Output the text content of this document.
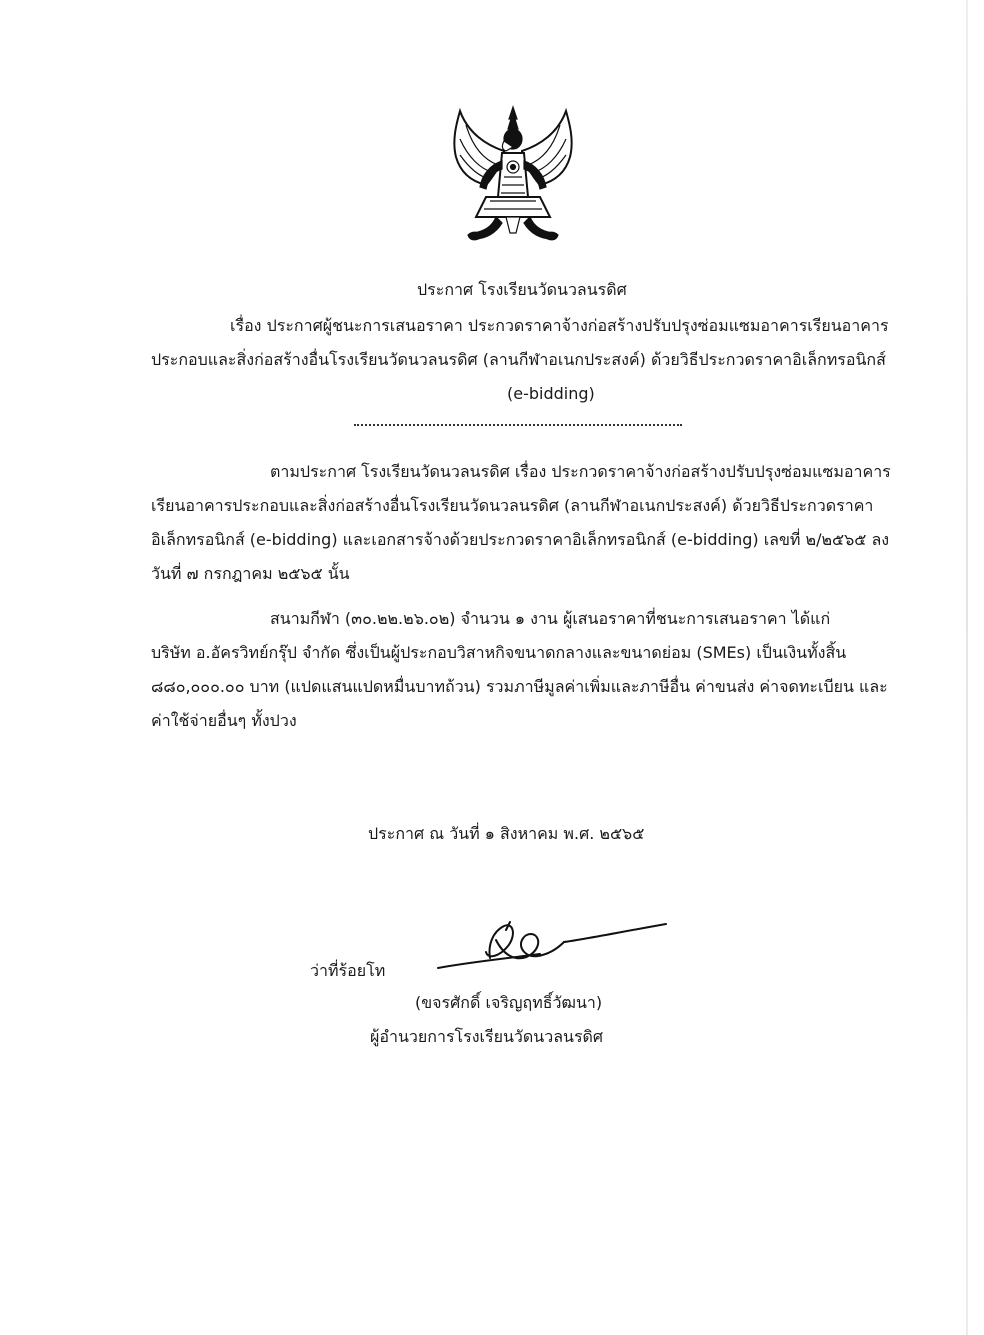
ประกาศ โรงเรียนวัดนวลนรดิศ
เรื่อง ประกาศผู้ชนะการเสนอราคา ประกวดราคาจ้างก่อสร้างปรับปรุงซ่อมแซมอาคารเรียนอาคาร
ประกอบและสิ่งก่อสร้างอื่นโรงเรียนวัดนวลนรดิศ (ลานกีฬาอเนกประสงค์) ด้วยวิธีประกวดราคาอิเล็กทรอนิกส์
(e-bidding)
ตามประกาศ โรงเรียนวัดนวลนรดิศ เรื่อง ประกวดราคาจ้างก่อสร้างปรับปรุงซ่อมแซมอาคาร
เรียนอาคารประกอบและสิ่งก่อสร้างอื่นโรงเรียนวัดนวลนรดิศ (ลานกีฬาอเนกประสงค์) ด้วยวิธีประกวดราคา
อิเล็กทรอนิกส์ (e-bidding) และเอกสารจ้างด้วยประกวดราคาอิเล็กทรอนิกส์ (e-bidding) เลขที่ ๒/๒๕๖๕ ลง
วันที่ ๗ กรกฎาคม ๒๕๖๕ นั้น
สนามกีฬา (๓๐.๒๒.๒๖.๐๒) จำนวน ๑ งาน ผู้เสนอราคาที่ชนะการเสนอราคา ได้แก่
บริษัท อ.อัครวิทย์กรุ๊ป จำกัด ซึ่งเป็นผู้ประกอบวิสาหกิจขนาดกลางและขนาดย่อม (SMEs) เป็นเงินทั้งสิ้น
๘๘๐,๐๐๐.๐๐ บาท (แปดแสนแปดหมื่นบาทถ้วน) รวมภาษีมูลค่าเพิ่มและภาษีอื่น ค่าขนส่ง ค่าจดทะเบียน และ
ค่าใช้จ่ายอื่นๆ ทั้งปวง
ประกาศ ณ วันที่ ๑ สิงหาคม พ.ศ. ๒๕๖๕
ว่าที่ร้อยโท
(ขจรศักดิ์ เจริญฤทธิ์วัฒนา)
ผู้อำนวยการโรงเรียนวัดนวลนรดิศ
